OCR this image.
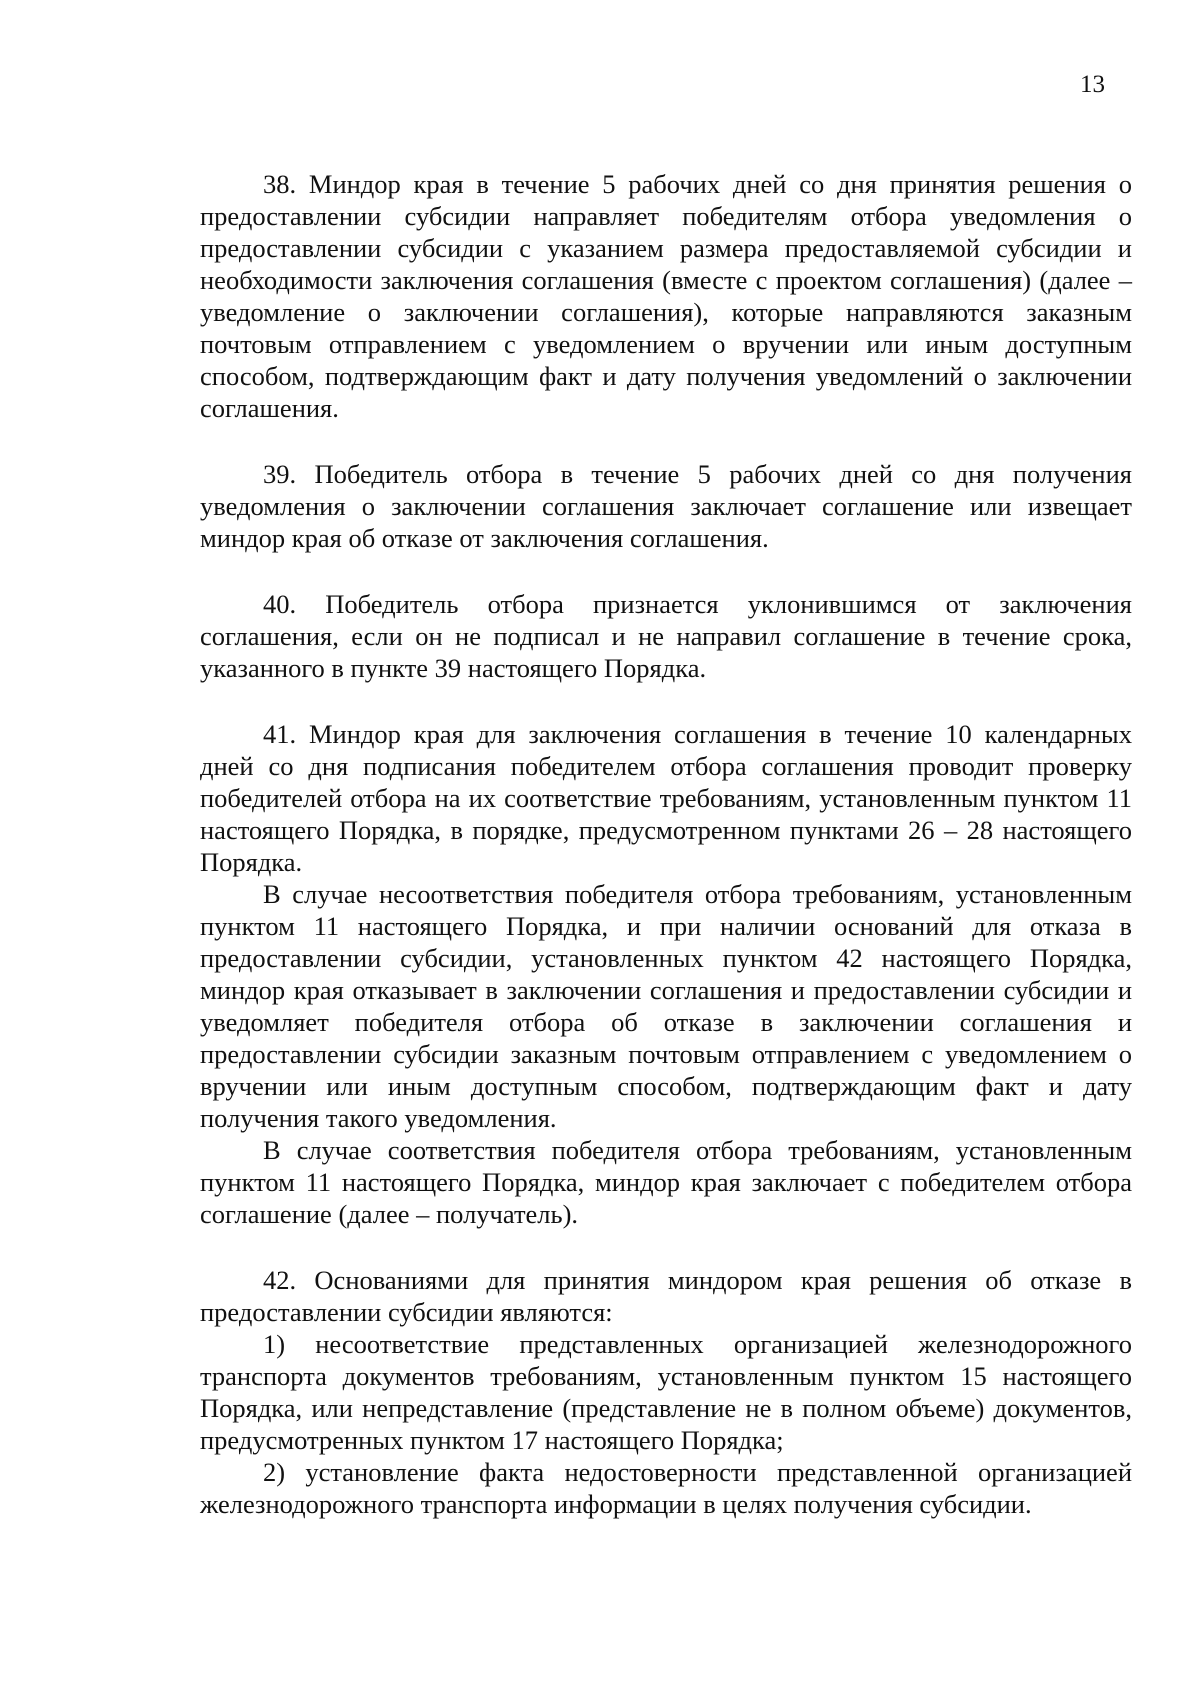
13

38. Миндор края в течение 5 рабочих дней со дня принятия решения о предоставлении субсидии направляет победителям отбора уведомления о предоставлении субсидии с указанием размера предоставляемой субсидии и необходимости заключения соглашения (вместе с проектом соглашения) (далее – уведомление о заключении соглашения), которые направляются заказным почтовым отправлением с уведомлением о вручении или иным доступным способом, подтверждающим факт и дату получения уведомлений о заключении соглашения.

39. Победитель отбора в течение 5 рабочих дней со дня получения уведомления о заключении соглашения заключает соглашение или извещает миндор края об отказе от заключения соглашения.

40. Победитель отбора признается уклонившимся от заключения соглашения, если он не подписал и не направил соглашение в течение срока, указанного в пункте 39 настоящего Порядка.

41. Миндор края для заключения соглашения в течение 10 календарных дней со дня подписания победителем отбора соглашения проводит проверку победителей отбора на их соответствие требованиям, установленным пунктом 11 настоящего Порядка, в порядке, предусмотренном пунктами 26 – 28 настоящего Порядка.

В случае несоответствия победителя отбора требованиям, установленным пунктом 11 настоящего Порядка, и при наличии оснований для отказа в предоставлении субсидии, установленных пунктом 42 настоящего Порядка, миндор края отказывает в заключении соглашения и предоставлении субсидии и уведомляет победителя отбора об отказе в заключении соглашения и предоставлении субсидии заказным почтовым отправлением с уведомлением о вручении или иным доступным способом, подтверждающим факт и дату получения такого уведомления.

В случае соответствия победителя отбора требованиям, установленным пунктом 11 настоящего Порядка, миндор края заключает с победителем отбора соглашение (далее – получатель).

42. Основаниями для принятия миндором края решения об отказе в предоставлении субсидии являются:

1) несоответствие представленных организацией железнодорожного транспорта документов требованиям, установленным пунктом 15 настоящего Порядка, или непредставление (представление не в полном объеме) документов, предусмотренных пунктом 17 настоящего Порядка;

2) установление факта недостоверности представленной организацией железнодорожного транспорта информации в целях получения субсидии.
